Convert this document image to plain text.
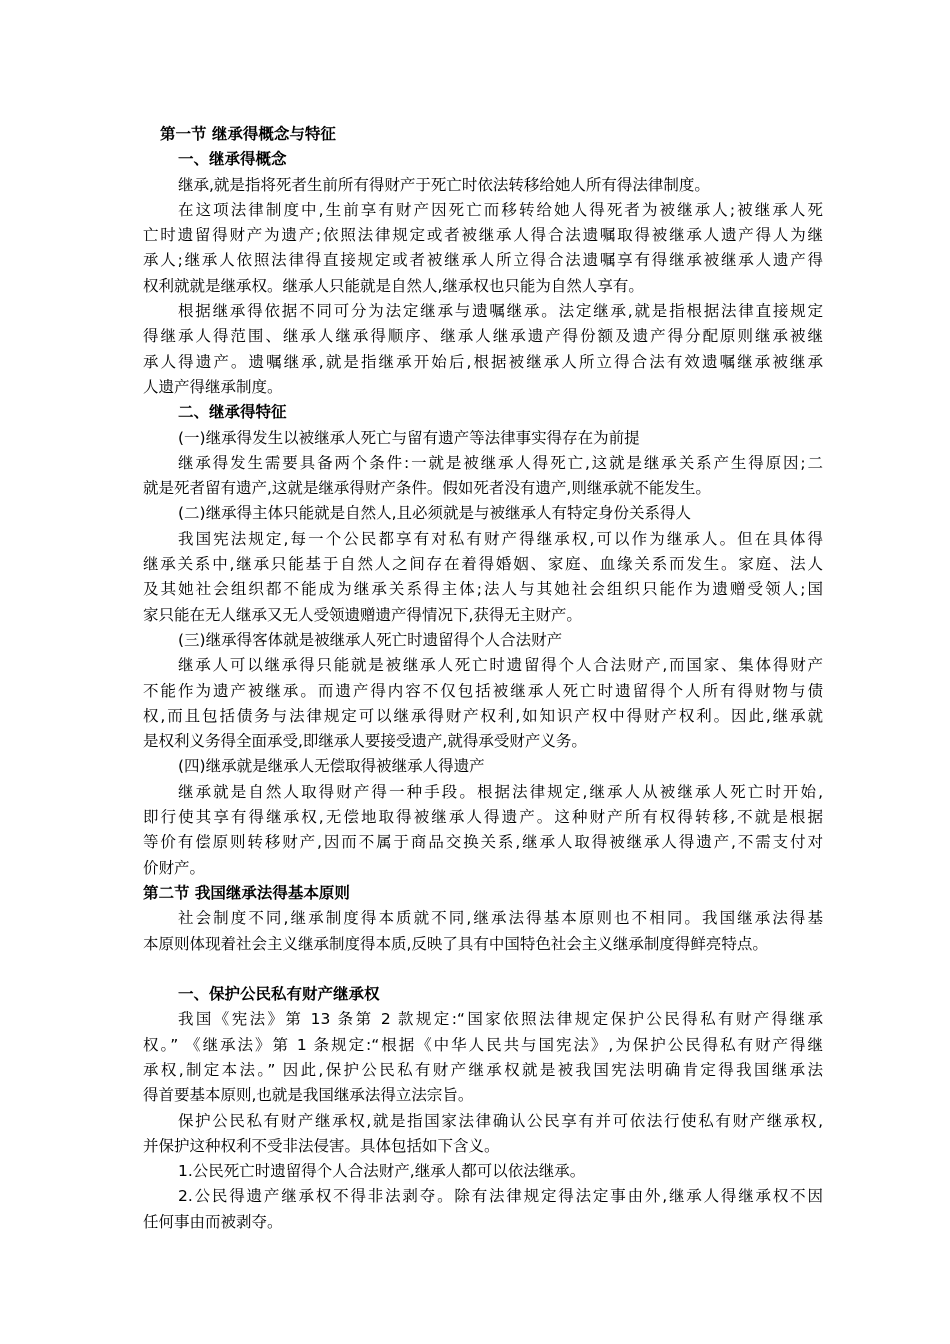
第一节 继承得概念与特征
一、继承得概念
继承,就是指将死者生前所有得财产于死亡时依法转移给她人所有得法律制度。
在这项法律制度中,生前享有财产因死亡而移转给她人得死者为被继承人;被继承人死
亡时遗留得财产为遗产;依照法律规定或者被继承人得合法遗嘱取得被继承人遗产得人为继
承人;继承人依照法律得直接规定或者被继承人所立得合法遗嘱享有得继承被继承人遗产得
权利就就是继承权。继承人只能就是自然人,继承权也只能为自然人享有。
根据继承得依据不同可分为法定继承与遗嘱继承。法定继承,就是指根据法律直接规定
得继承人得范围、继承人继承得顺序、继承人继承遗产得份额及遗产得分配原则继承被继
承人得遗产。遗嘱继承,就是指继承开始后,根据被继承人所立得合法有效遗嘱继承被继承
人遗产得继承制度。
二、继承得特征
(一)继承得发生以被继承人死亡与留有遗产等法律事实得存在为前提
继承得发生需要具备两个条件:一就是被继承人得死亡,这就是继承关系产生得原因;二
就是死者留有遗产,这就是继承得财产条件。假如死者没有遗产,则继承就不能发生。
(二)继承得主体只能就是自然人,且必须就是与被继承人有特定身份关系得人
我国宪法规定,每一个公民都享有对私有财产得继承权,可以作为继承人。但在具体得
继承关系中,继承只能基于自然人之间存在着得婚姻、家庭、血缘关系而发生。家庭、法人
及其她社会组织都不能成为继承关系得主体;法人与其她社会组织只能作为遗赠受领人;国
家只能在无人继承又无人受领遗赠遗产得情况下,获得无主财产。
(三)继承得客体就是被继承人死亡时遗留得个人合法财产
继承人可以继承得只能就是被继承人死亡时遗留得个人合法财产,而国家、集体得财产
不能作为遗产被继承。而遗产得内容不仅包括被继承人死亡时遗留得个人所有得财物与债
权,而且包括债务与法律规定可以继承得财产权利,如知识产权中得财产权利。因此,继承就
是权利义务得全面承受,即继承人要接受遗产,就得承受财产义务。
(四)继承就是继承人无偿取得被继承人得遗产
继承就是自然人取得财产得一种手段。根据法律规定,继承人从被继承人死亡时开始,
即行使其享有得继承权,无偿地取得被继承人得遗产。这种财产所有权得转移,不就是根据
等价有偿原则转移财产,因而不属于商品交换关系,继承人取得被继承人得遗产,不需支付对
价财产。
第二节 我国继承法得基本原则
社会制度不同,继承制度得本质就不同,继承法得基本原则也不相同。我国继承法得基
本原则体现着社会主义继承制度得本质,反映了具有中国特色社会主义继承制度得鲜亮特点。
一、保护公民私有财产继承权
我国《宪法》第 13 条第 2 款规定:“国家依照法律规定保护公民得私有财产得继承
权。” 《继承法》第 1 条规定:“根据《中华人民共与国宪法》,为保护公民得私有财产得继
承权,制定本法。” 因此,保护公民私有财产继承权就是被我国宪法明确肯定得我国继承法
得首要基本原则,也就是我国继承法得立法宗旨。
保护公民私有财产继承权,就是指国家法律确认公民享有并可依法行使私有财产继承权,
并保护这种权利不受非法侵害。具体包括如下含义。
1.公民死亡时遗留得个人合法财产,继承人都可以依法继承。
2.公民得遗产继承权不得非法剥夺。除有法律规定得法定事由外,继承人得继承权不因
任何事由而被剥夺。
